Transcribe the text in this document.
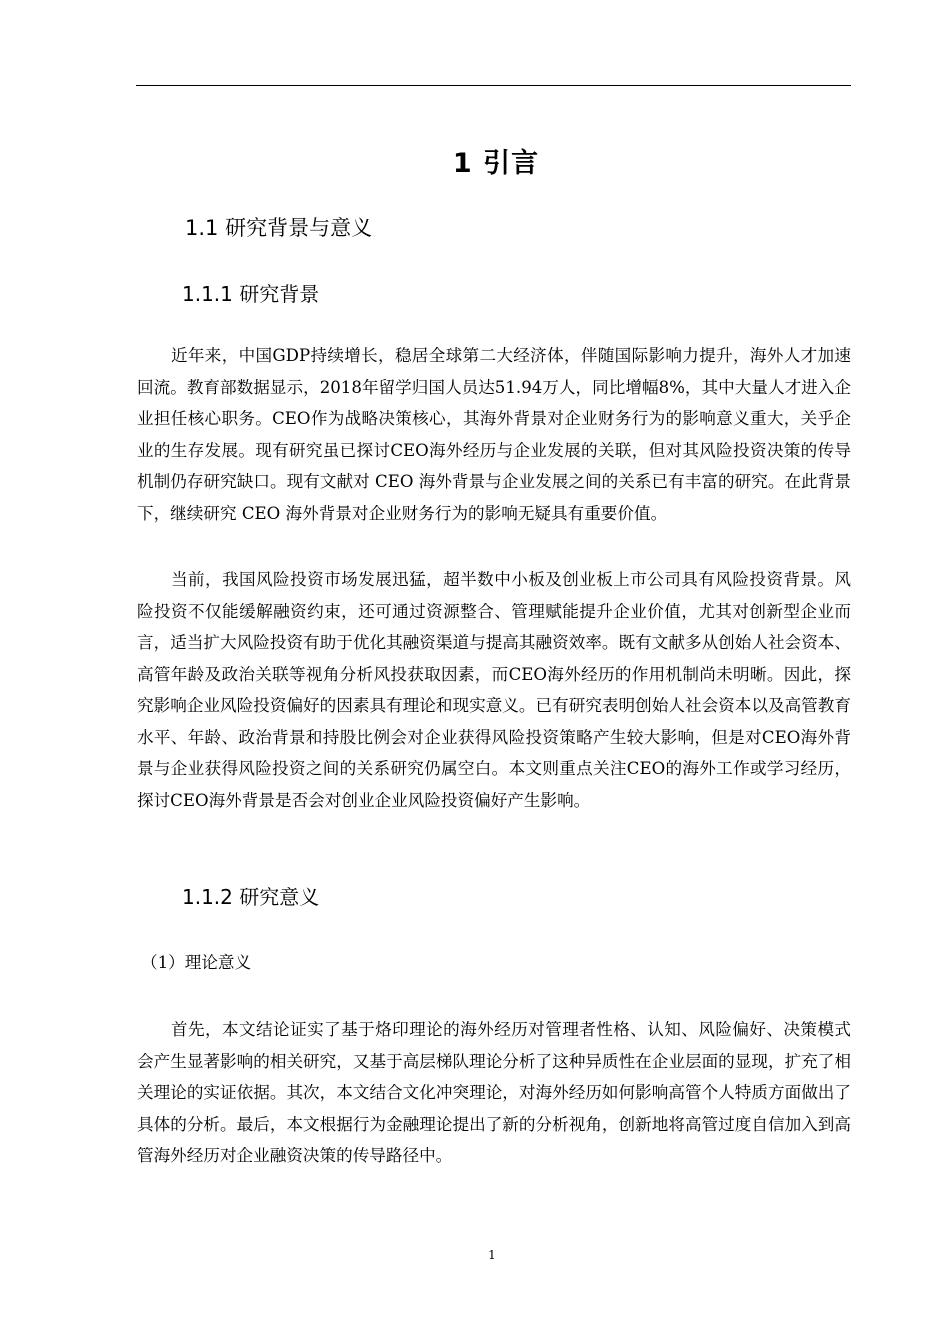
1 引言
1.1 研究背景与意义
1.1.1 研究背景

近年来，中国GDP持续增长，稳居全球第二大经济体，伴随国际影响力提升，海外人才加速回流。教育部数据显示，2018年留学归国人员达51.94万人，同比增幅8%，其中大量人才进入企业担任核心职务。CEO作为战略决策核心，其海外背景对企业财务行为的影响意义重大，关乎企业的生存发展。现有研究虽已探讨CEO海外经历与企业发展的关联，但对其风险投资决策的传导机制仍存研究缺口。现有文献对 CEO 海外背景与企业发展之间的关系已有丰富的研究。在此背景下，继续研究 CEO 海外背景对企业财务行为的影响无疑具有重要价值。

当前，我国风险投资市场发展迅猛，超半数中小板及创业板上市公司具有风险投资背景。风险投资不仅能缓解融资约束，还可通过资源整合、管理赋能提升企业价值，尤其对创新型企业而言，适当扩大风险投资有助于优化其融资渠道与提高其融资效率。既有文献多从创始人社会资本、高管年龄及政治关联等视角分析风投获取因素，而CEO海外经历的作用机制尚未明晰。因此，探究影响企业风险投资偏好的因素具有理论和现实意义。已有研究表明创始人社会资本以及高管教育水平、年龄、政治背景和持股比例会对企业获得风险投资策略产生较大影响，但是对CEO海外背景与企业获得风险投资之间的关系研究仍属空白。本文则重点关注CEO的海外工作或学习经历，探讨CEO海外背景是否会对创业企业风险投资偏好产生影响。

1.1.2 研究意义
（1）理论意义

首先，本文结论证实了基于烙印理论的海外经历对管理者性格、认知、风险偏好、决策模式会产生显著影响的相关研究，又基于高层梯队理论分析了这种异质性在企业层面的显现，扩充了相关理论的实证依据。其次，本文结合文化冲突理论，对海外经历如何影响高管个人特质方面做出了具体的分析。最后，本文根据行为金融理论提出了新的分析视角，创新地将高管过度自信加入到高管海外经历对企业融资决策的传导路径中。

1
